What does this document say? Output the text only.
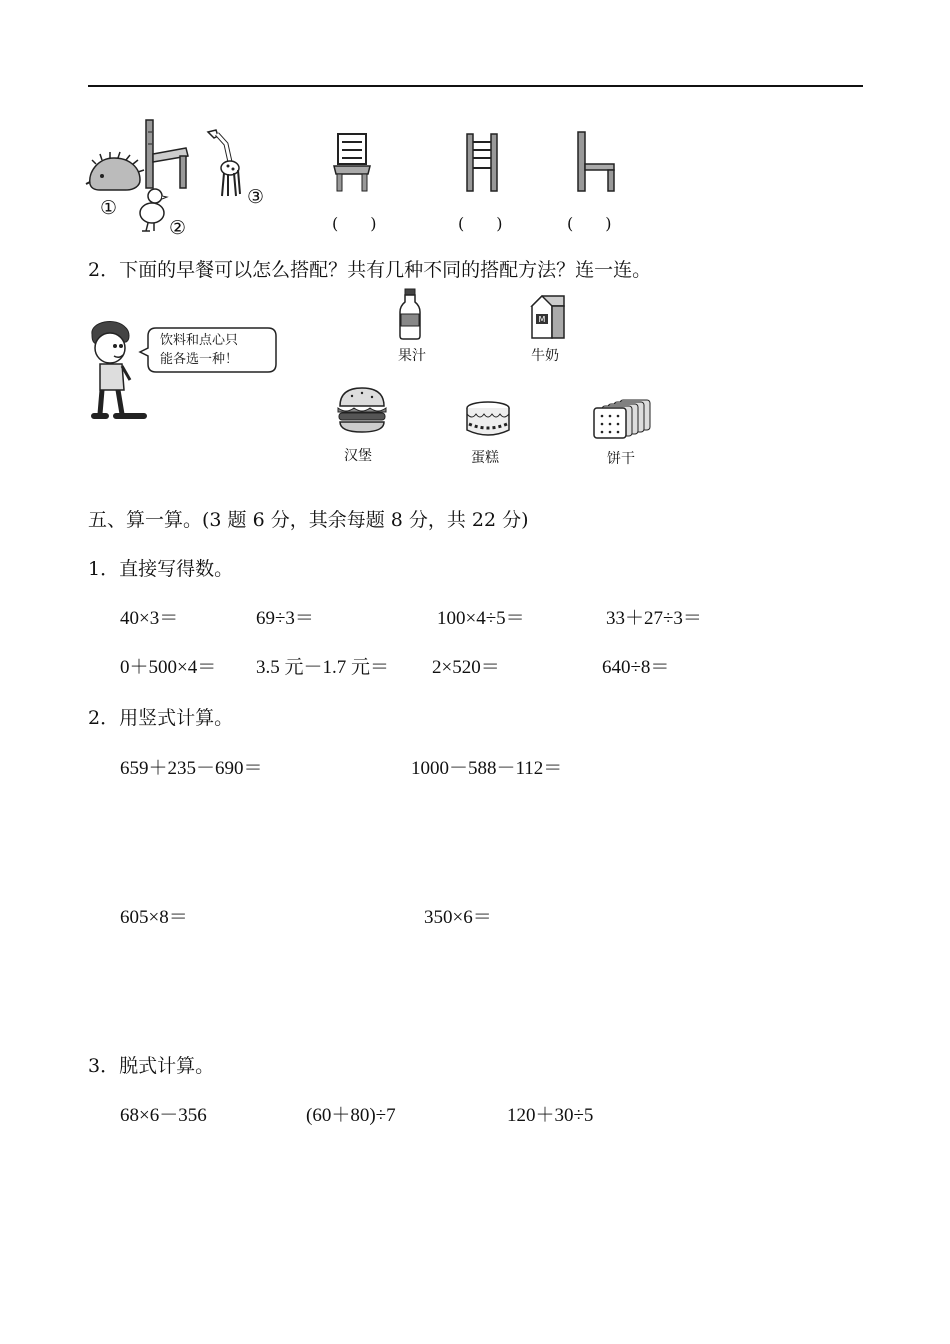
①
②
③
(　　)	(　　)	(　　)
2．下面的早餐可以怎么搭配？共有几种不同的搭配方法？连一连。
饮料和点心只
能各选一种！	果汁
M
牛奶
汉堡	蛋糕	饼干
五、算一算。(3 题 6 分，其余每题 8 分，共 22 分)
1．直接写得数。
40×3＝	69÷3＝	100×4÷5＝	33＋27÷3＝
0＋500×4＝ 3.5 元－1.7 元＝ 2×520＝	640÷8＝
2．用竖式计算。
659＋235－690＝	1000－588－112＝
605×8＝	350×6＝
3．脱式计算。
68×6－356	(60＋80)÷7	120＋30÷5
